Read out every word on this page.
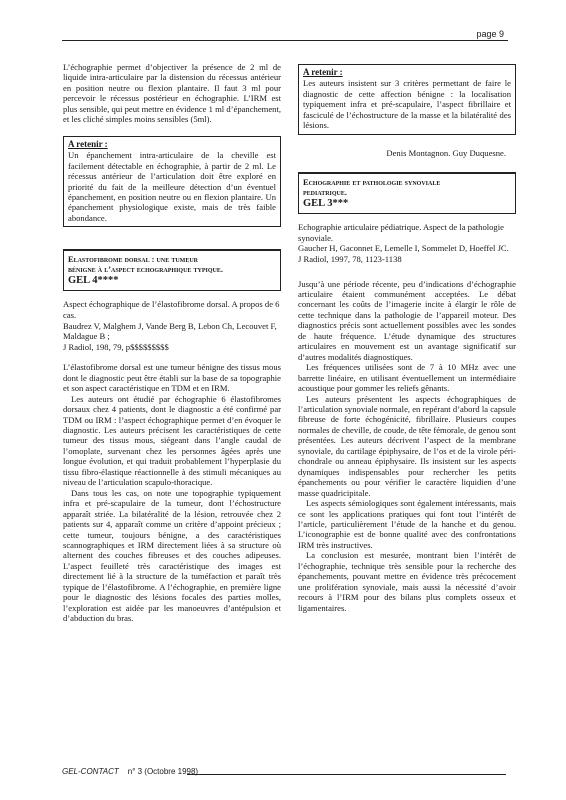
page 9

L’échographie permet d’objectiver la présence de 2 ml de liquide intra-articulaire par la distension du récessus antérieur en position neutre ou flexion plantaire. Il faut 3 ml pour percevoir le récessus postérieur en échographie. L’IRM est plus sensible, qui peut mettre en évidence 1 ml d’épanchement, et les cliché simples moins sensibles (5ml).

A retenir :

Un épanchement intra-articulaire de la cheville est facilement détectable en échographie, à partir de 2 ml. Le récessus antérieur de l’articulation doit être exploré en priorité du fait de la meilleure détection d’un éventuel épanchement, en position neutre ou en flexion plantaire. Un épanchement physiologique existe, mais de très faible abondance.

Elastofibrome dorsal : une tumeur
bénigne à l’aspect echographique typique.
GEL 4****
Aspect échographique de l’élastofibrome dorsal. A propos de 6 cas.
Baudrez V, Malghem J, Vande Berg B, Lebon Ch, Lecouvet F, Maldague B ;
J Radiol, 198, 79, p$$$$$$$$$

L’élastofibrome dorsal est une tumeur bénigne des tissus mous dont le diagnostic peut être établi sur la base de sa topographie et son aspect caractéristique en TDM et en IRM.

Les auteurs ont étudié par échographie 6 élastofibromes dorsaux chez 4 patients, dont le diagnostic a été confirmé par TDM ou IRM : l’aspect échographique permet d’en évoquer le diagnostic. Les auteurs précisent les caractéristiques de cette tumeur des tissus mous, siégeant dans l’angle caudal de l’omoplate, survenant chez les personnes âgées après une longue évolution, et qui traduit probablement l’hyperplasie du tissu fibro-élastique réactionnelle à des stimuli mécaniques au niveau de l’articulation scapulo-thoracique.

Dans tous les cas, on note une topographie typiquement infra et pré-scapulaire de la tumeur, dont l’échostructure apparaît striée. La bilatéralité de la lésion, retrouvée chez 2 patients sur 4, apparaît comme un critère d’appoint précieux ; cette tumeur, toujours bénigne, a des caractéristiques scannographiques et IRM directement liées à sa structure où alternent des couches fibreuses et des couches adipeuses. L’aspect feuilleté très caractéristique des images est directement lié à la structure de la tuméfaction et paraît très typique de l’élastofibrome. A l’échographie, en première ligne pour le diagnostic des lésions focales des parties molles, l’exploration est aidée par les manoeuvres d’antépulsion et d’abduction du bras.

A retenir :

Les auteurs insistent sur 3 critères permettant de faire le diagnostic de cette affection bénigne : la localisation typiquement infra et pré-scapulaire, l’aspect fibrillaire et fasciculé de l’échostructure de la masse et la bilatéralité des lésions.

Denis Montagnon. Guy Duquesne.
Echographie et pathologie synoviale
pediatrique.
GEL 3***
Echographie articulaire pédiatrique. Aspect de la pathologie synoviale.
Gaucher H, Gaconnet E, Lemelle I, Sommelet D, Hoeffel JC.
J Radiol, 1997, 78, 1123-1138

Jusqu’à une période récente, peu d’indications d’échographie articulaire étaient communément acceptées. Le débat concernant les coûts de l’imagerie incite à élargir le rôle de cette technique dans la pathologie de l’appareil moteur. Des diagnostics précis sont actuellement possibles avec les sondes de haute fréquence. L’étude dynamique des structures articulaires en mouvement est un avantage significatif sur d’autres modalités diagnostiques.

Les fréquences utilisées sont de 7 à 10 MHz avec une barrette linéaire, en utilisant éventuellement un intermédiaire acoustique pour gommer les reliefs gênants.

Les auteurs présentent les aspects échographiques de l’articulation synoviale normale, en repérant d’abord la capsule fibreuse de forte échogénicité, fibrillaire. Plusieurs coupes normales de cheville, de coude, de tête fémorale, de genou sont présentées. Les auteurs décrivent l’aspect de la membrane synoviale, du cartilage épiphysaire, de l’os et de la virole péri-chondrale ou anneau épiphysaire. Ils insistent sur les aspects dynamiques indispensables pour rechercher les petits épanchements ou pour vérifier le caractère liquidien d’une masse quadricipitale.

Les aspects sémiologiques sont également intéressants, mais ce sont les applications pratiques qui font tout l’intérêt de l’article, particulièrement l’étude de la hanche et du genou. L’iconographie est de bonne qualité avec des confrontations IRM très instructives.

La conclusion est mesurée, montrant bien l’intérêt de l’échographie, technique très sensible pour la recherche des épanchements, pouvant mettre en évidence très précocement une prolifération synoviale, mais aussi la nécessité d’avoir recours à l’IRM pour des bilans plus complets osseux et ligamentaires.

GEL-CONTACT n° 3 (Octobre 1998)
